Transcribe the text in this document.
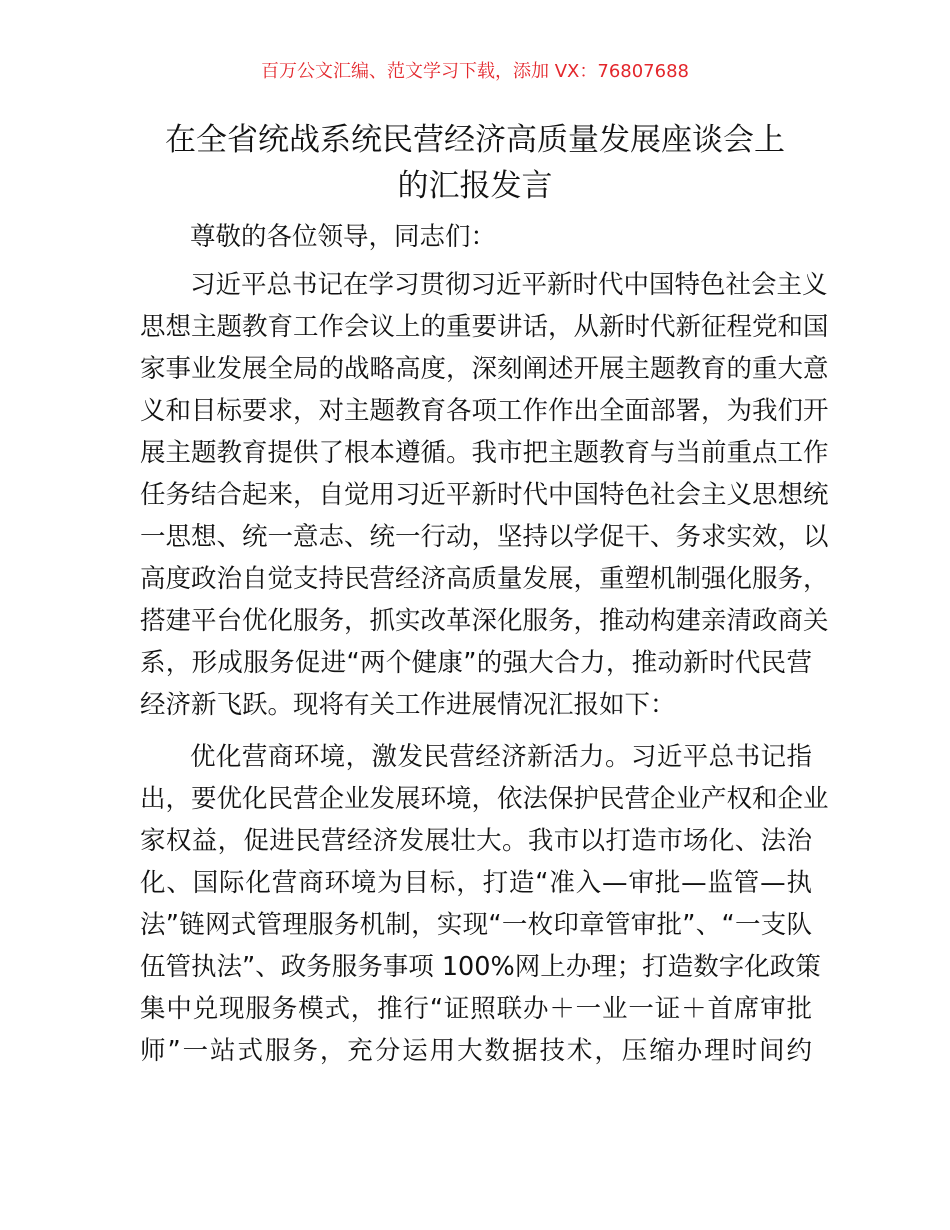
百万公文汇编、范文学习下载，添加 VX：76807688
在全省统战系统民营经济高质量发展座谈会上
的汇报发言
尊敬的各位领导，同志们：
习近平总书记在学习贯彻习近平新时代中国特色社会主义
思想主题教育工作会议上的重要讲话，从新时代新征程党和国
家事业发展全局的战略高度，深刻阐述开展主题教育的重大意
义和目标要求，对主题教育各项工作作出全面部署，为我们开
展主题教育提供了根本遵循。我市把主题教育与当前重点工作
任务结合起来，自觉用习近平新时代中国特色社会主义思想统
一思想、统一意志、统一行动，坚持以学促干、务求实效，以
高度政治自觉支持民营经济高质量发展，重塑机制强化服务，
搭建平台优化服务，抓实改革深化服务，推动构建亲清政商关
系，形成服务促进“两个健康”的强大合力，推动新时代民营
经济新飞跃。现将有关工作进展情况汇报如下：
优化营商环境，激发民营经济新活力。习近平总书记指
出，要优化民营企业发展环境，依法保护民营企业产权和企业
家权益，促进民营经济发展壮大。我市以打造市场化、法治
化、国际化营商环境为目标，打造“准入—审批—监管—执
法”链网式管理服务机制，实现“一枚印章管审批”、“一支队
伍管执法”、政务服务事项 100%网上办理；打造数字化政策
集中兑现服务模式，推行“证照联办＋一业一证＋首席审批
师”一站式服务，充分运用大数据技术，压缩办理时间约
